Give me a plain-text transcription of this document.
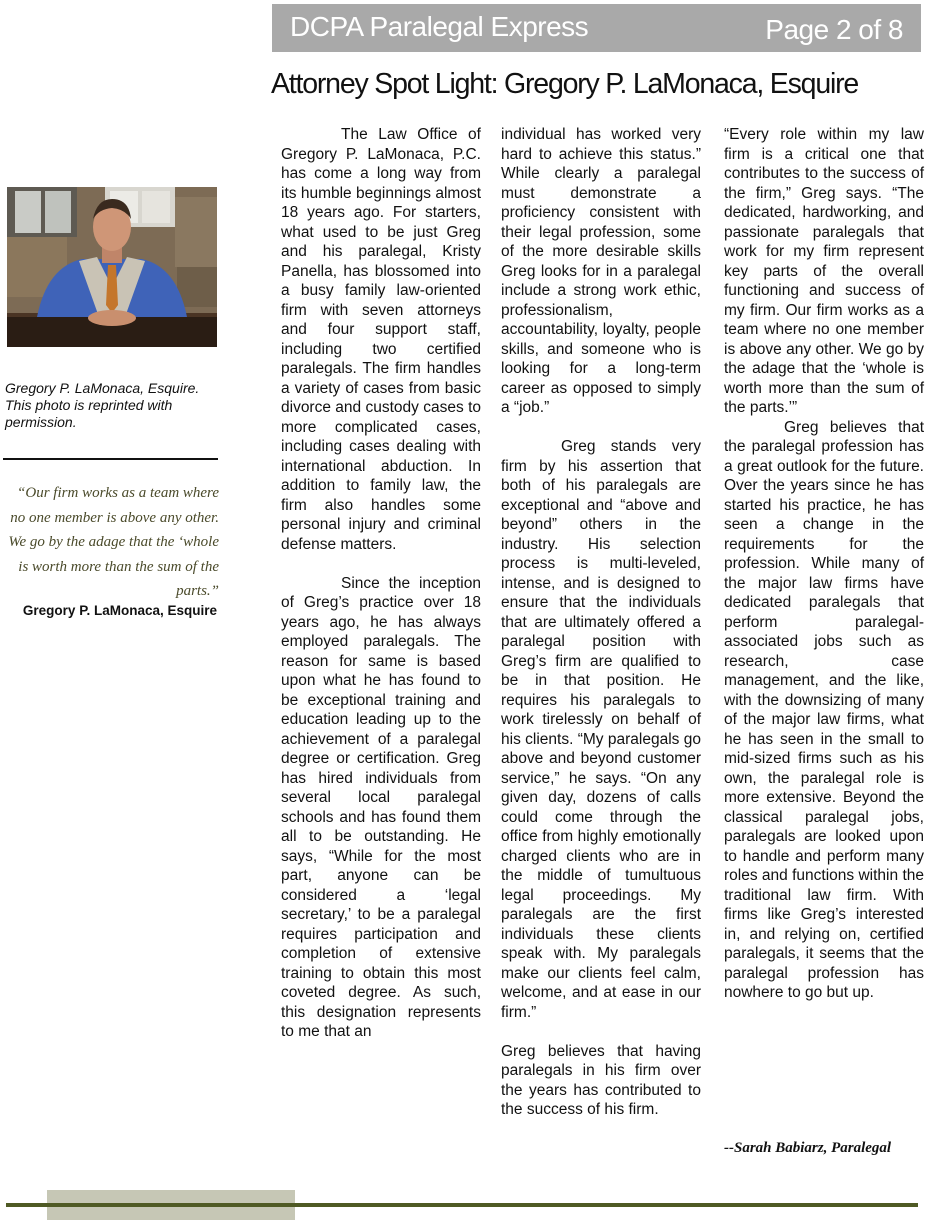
DCPA Paralegal Express	Page 2 of 8
Attorney Spot Light: Gregory P. LaMonaca, Esquire
Gregory P. LaMonaca, Esquire. This photo is reprinted with permission.
“Our firm works as a team where no one member is above any other. We go by the adage that the ‘whole is worth more than the sum of the parts.”
Gregory P. LaMonaca, Esquire

The Law Office of Gregory P. LaMonaca, P.C. has come a long way from its humble beginnings almost 18 years ago. For starters, what used to be just Greg and his paralegal, Kristy Panella, has blossomed into a busy family law-oriented firm with seven attorneys and four support staff, including two certified paralegals. The firm handles a variety of cases from basic divorce and custody cases to more complicated cases, including cases dealing with international abduction. In addition to family law, the firm also handles some personal injury and criminal defense matters.

Since the inception of Greg’s practice over 18 years ago, he has always employed paralegals. The reason for same is based upon what he has found to be exceptional training and education leading up to the achievement of a paralegal degree or certification. Greg has hired individuals from several local paralegal schools and has found them all to be outstanding. He says, “While for the most part, anyone can be considered a ‘legal secretary,’ to be a paralegal requires participation and completion of extensive training to obtain this most coveted degree. As such, this designation represents to me that an

individual has worked very hard to achieve this status.” While clearly a paralegal must demonstrate a proficiency consistent with their legal profession, some of the more desirable skills Greg looks for in a paralegal include a strong work ethic, professionalism, accountability, loyalty, people skills, and someone who is looking for a long-term career as opposed to simply a “job.”

Greg stands very firm by his assertion that both of his paralegals are exceptional and “above and beyond” others in the industry. His selection process is multi-leveled, intense, and is designed to ensure that the individuals that are ultimately offered a paralegal position with Greg’s firm are qualified to be in that position. He requires his paralegals to work tirelessly on behalf of his clients. “My paralegals go above and beyond customer service,” he says. “On any given day, dozens of calls could come through the office from highly emotionally charged clients who are in the middle of tumultuous legal proceedings. My paralegals are the first individuals these clients speak with. My paralegals make our clients feel calm, welcome, and at ease in our firm.”

Greg believes that having paralegals in his firm over the years has contributed to the success of his firm.

“Every role within my law firm is a critical one that contributes to the success of the firm,” Greg says. “The dedicated, hardworking, and passionate paralegals that work for my firm represent key parts of the overall functioning and success of my firm. Our firm works as a team where no one member is above any other. We go by the adage that the ‘whole is worth more than the sum of the parts.’”

Greg believes that the paralegal profession has a great outlook for the future. Over the years since he has started his practice, he has seen a change in the requirements for the profession. While many of the major law firms have dedicated paralegals that perform paralegal-associated jobs such as research, case management, and the like, with the downsizing of many of the major law firms, what he has seen in the small to mid-sized firms such as his own, the paralegal role is more extensive. Beyond the classical paralegal jobs, paralegals are looked upon to handle and perform many roles and functions within the traditional law firm. With firms like Greg’s interested in, and relying on, certified paralegals, it seems that the paralegal profession has nowhere to go but up.

--Sarah Babiarz, Paralegal
